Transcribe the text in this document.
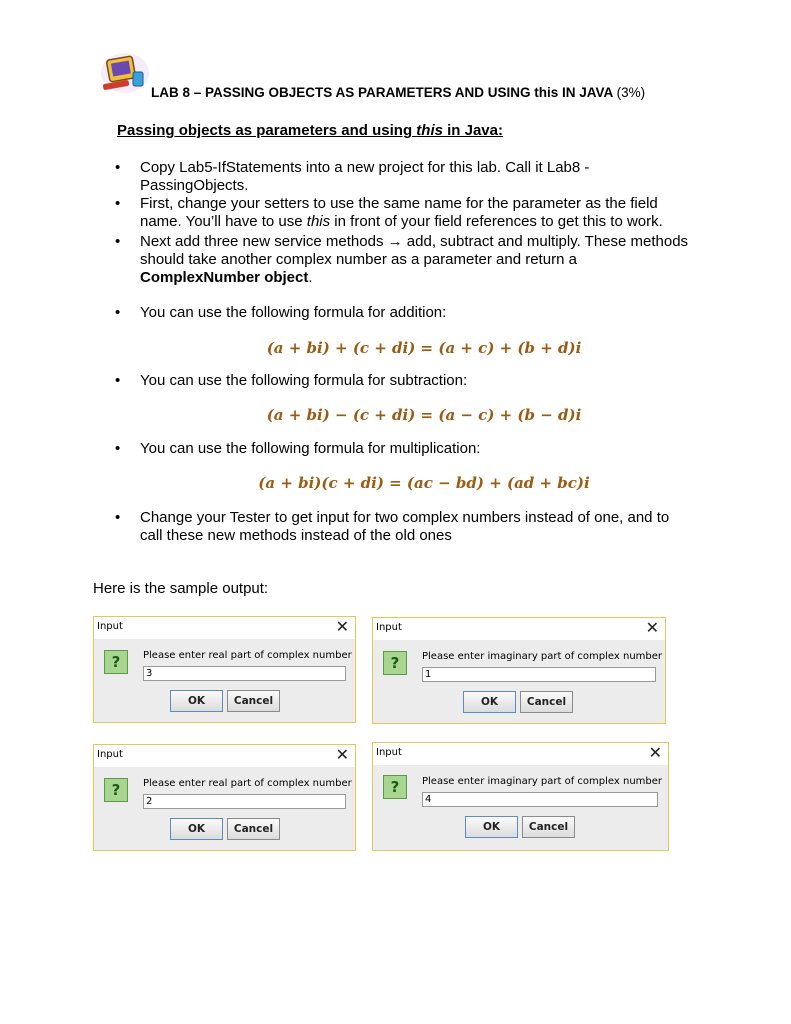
LAB 8 – PASSING OBJECTS AS PARAMETERS AND USING this IN JAVA (3%)
Passing objects as parameters and using this in Java:
• Copy Lab5-IfStatements into a new project for this lab. Call it Lab8 -
PassingObjects.
• First, change your setters to use the same name for the parameter as the field
name. You’ll have to use this in front of your field references to get this to work.
• Next add three new service methods → add, subtract and multiply. These methods
should take another complex number as a parameter and return a
ComplexNumber object.
• You can use the following formula for addition:
(a + bi) + (c + di) = (a + c) + (b + d)i
• You can use the following formula for subtraction:
(a + bi) − (c + di) = (a − c) + (b − d)i
• You can use the following formula for multiplication:
(a + bi)(c + di) = (ac − bd) + (ad + bc)i
• Change your Tester to get input for two complex numbers instead of one, and to
call these new methods instead of the old ones
Here is the sample output:
Input	✕
?	Please enter real part of complex number
3
OK	Cancel
Input	✕
?	Please enter imaginary part of complex number
1
OK	Cancel
Input	✕
?	Please enter real part of complex number
2
OK	Cancel
Input	✕
?	Please enter imaginary part of complex number
4
OK	Cancel
